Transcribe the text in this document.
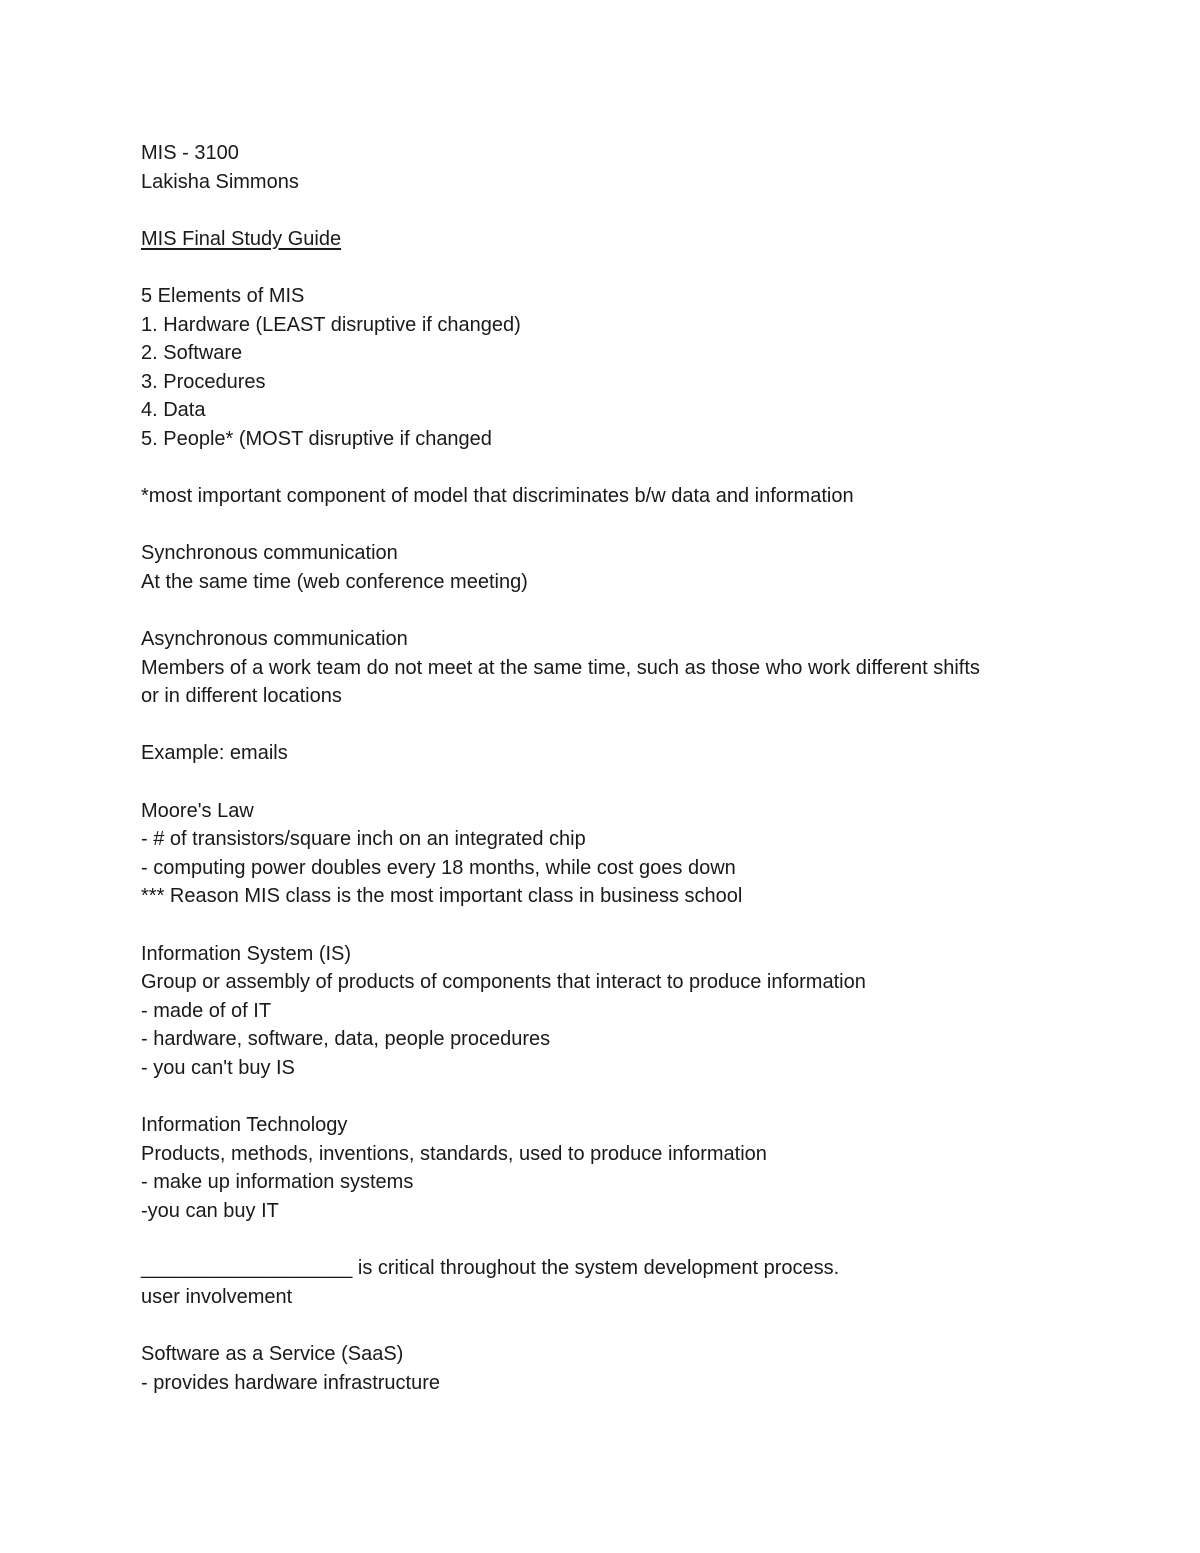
MIS - 3100

Lakisha Simmons

MIS Final Study Guide

5 Elements of MIS

1. Hardware (LEAST disruptive if changed)

2. Software

3. Procedures

4. Data

5. People* (MOST disruptive if changed

*most important component of model that discriminates b/w data and information

Synchronous communication

At the same time (web conference meeting)

Asynchronous communication

Members of a work team do not meet at the same time, such as those who work different shifts

or in different locations

Example: emails

Moore's Law

- # of transistors/square inch on an integrated chip

- computing power doubles every 18 months, while cost goes down

*** Reason MIS class is the most important class in business school

Information System (IS)

Group or assembly of products of components that interact to produce information

- made of of IT

- hardware, software, data, people procedures

- you can't buy IS

Information Technology

Products, methods, inventions, standards, used to produce information

- make up information systems

-you can buy IT

___________________ is critical throughout the system development process.

user involvement

Software as a Service (SaaS)

- provides hardware infrastructure
